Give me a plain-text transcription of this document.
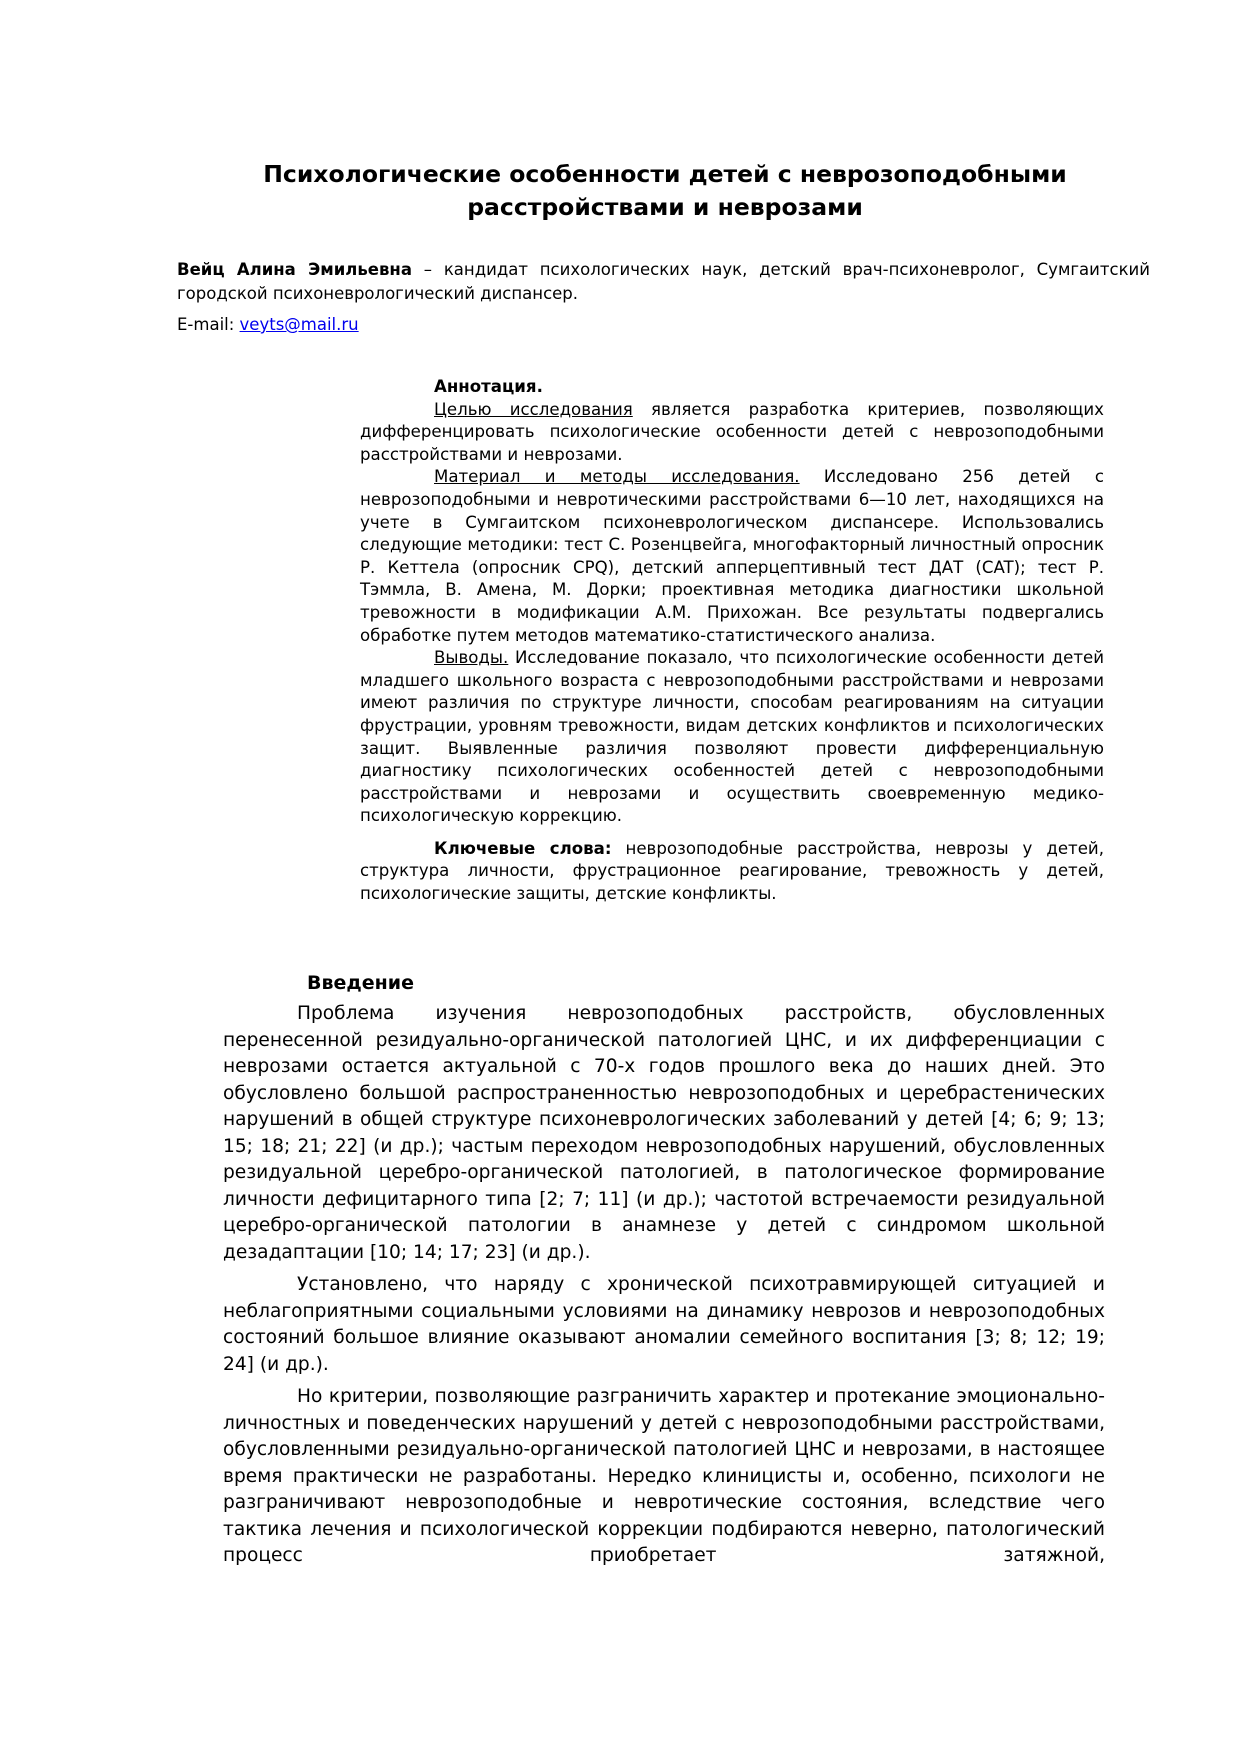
Психологические особенности детей с неврозоподобными
расстройствами и неврозами
Вейц Алина Эмильевна – кандидат психологических наук, детский врач-психоневролог, Сумгаитский городской психоневрологический диспансер.
E-mail: veyts@mail.ru

Аннотация.

Целью исследования является разработка критериев, позволяющих дифференцировать психологические особенности детей с неврозоподобными расстройствами и неврозами.

Материал и методы исследования. Исследовано 256 детей с неврозоподобными и невротическими расстройствами 6—10 лет, находящихся на учете в Сумгаитском психоневрологическом диспансере. Использовались следующие методики: тест С. Розенцвейга, многофакторный личностный опросник Р. Кеттела (опросник CPQ), детский апперцептивный тест ДАТ (CAT); тест Р. Тэммла, В. Амена, М. Дорки; проективная методика диагностики школьной тревожности в модификации А.М. Прихожан. Все результаты подвергались обработке путем методов математико-статистического анализа.

Выводы. Исследование показало, что психологические особенности детей младшего школьного возраста с неврозоподобными расстройствами и неврозами имеют различия по структуре личности, способам реагированиям на ситуации фрустрации, уровням тревожности, видам детских конфликтов и психологических защит. Выявленные различия позволяют провести дифференциальную диагностику психологических особенностей детей с неврозоподобными расстройствами и неврозами и осуществить своевременную медико-психологическую коррекцию.

Ключевые слова: неврозоподобные расстройства, неврозы у детей, структура личности, фрустрационное реагирование, тревожность у детей, психологические защиты, детские конфликты.

Введение

Проблема изучения неврозоподобных расстройств, обусловленных перенесенной резидуально-органической патологией ЦНС, и их дифференциации с неврозами остается актуальной с 70-х годов прошлого века до наших дней. Это обусловлено большой распространенностью неврозоподобных и церебрастенических нарушений в общей структуре психоневрологических заболеваний у детей [4; 6; 9; 13; 15; 18; 21; 22] (и др.); частым переходом неврозоподобных нарушений, обусловленных резидуальной церебро-органической патологией, в патологическое формирование личности дефицитарного типа [2; 7; 11] (и др.); частотой встречаемости резидуальной церебро-органической патологии в анамнезе у детей с синдромом школьной дезадаптации [10; 14; 17; 23] (и др.).

Установлено, что наряду с хронической психотравмирующей ситуацией и неблагоприятными социальными условиями на динамику неврозов и неврозоподобных состояний большое влияние оказывают аномалии семейного воспитания [3; 8; 12; 19; 24] (и др.).

Но критерии, позволяющие разграничить характер и протекание эмоционально-личностных и поведенческих нарушений у детей с неврозоподобными расстройствами, обусловленными резидуально-органической патологией ЦНС и неврозами, в настоящее время практически не разработаны. Нередко клиницисты и, особенно, психологи не разграничивают неврозоподобные и невротические состояния, вследствие чего тактика лечения и психологической коррекции подбираются неверно, патологический процесс приобретает затяжной,
